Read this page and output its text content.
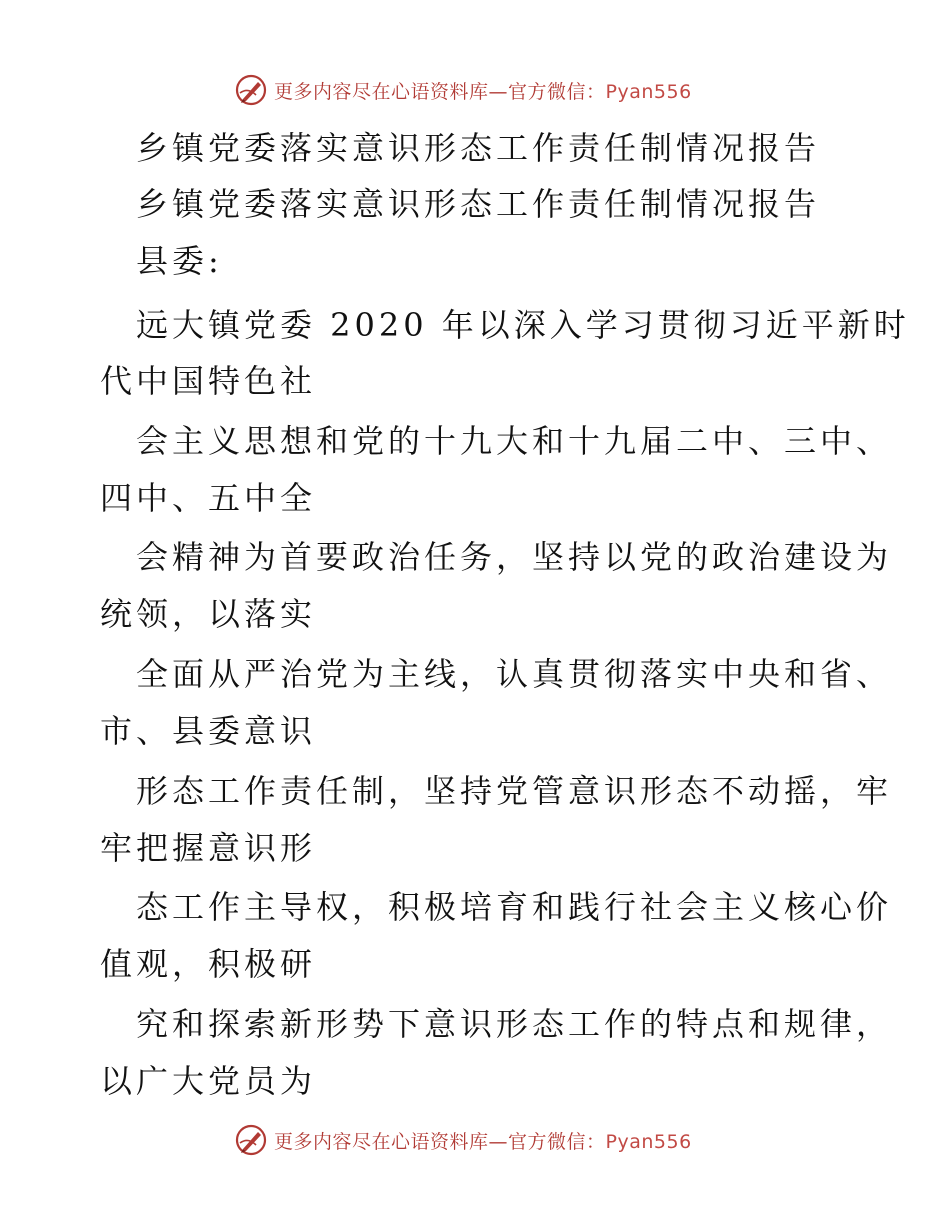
更多内容尽在心语资料库—官方微信：Pyan556
乡镇党委落实意识形态工作责任制情况报告
乡镇党委落实意识形态工作责任制情况报告
县委:
远大镇党委 2020 年以深入学习贯彻习近平新时
代中国特色社
会主义思想和党的十九大和十九届二中、三中、
四中、五中全
会精神为首要政治任务，坚持以党的政治建设为
统领，以落实
全面从严治党为主线，认真贯彻落实中央和省、
市、县委意识
形态工作责任制，坚持党管意识形态不动摇，牢
牢把握意识形
态工作主导权，积极培育和践行社会主义核心价
值观，积极研
究和探索新形势下意识形态工作的特点和规律，
以广大党员为
更多内容尽在心语资料库—官方微信：Pyan556
